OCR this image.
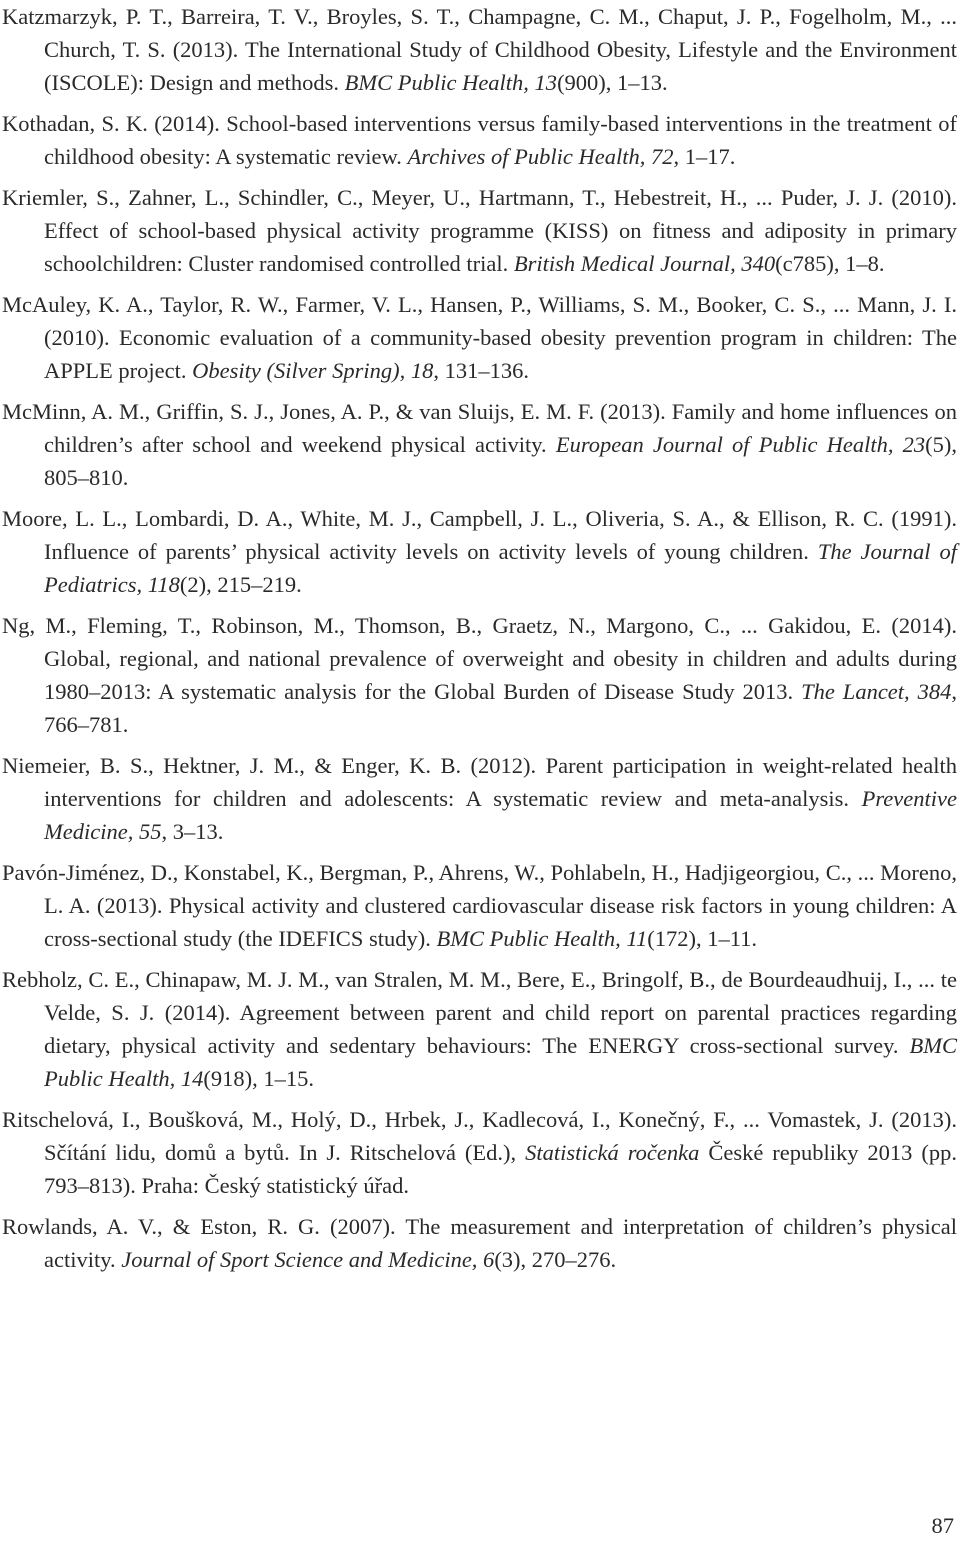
Katzmarzyk, P. T., Barreira, T. V., Broyles, S. T., Champagne, C. M., Chaput, J. P., Fogelholm, M., ... Church, T. S. (2013). The International Study of Childhood Obesity, Lifestyle and the Environment (ISCOLE): Design and methods. BMC Public Health, 13(900), 1–13.

Kothadan, S. K. (2014). School-based interventions versus family-based interventions in the treatment of childhood obesity: A systematic review. Archives of Public Health, 72, 1–17.

Kriemler, S., Zahner, L., Schindler, C., Meyer, U., Hartmann, T., Hebestreit, H., ... Puder, J. J. (2010). Effect of school-based physical activity programme (KISS) on fitness and adiposity in primary schoolchildren: Cluster randomised controlled trial. British Medical Journal, 340(c785), 1–8.

McAuley, K. A., Taylor, R. W., Farmer, V. L., Hansen, P., Williams, S. M., Booker, C. S., ... Mann, J. I. (2010). Economic evaluation of a community-based obesity prevention program in children: The APPLE project. Obesity (Silver Spring), 18, 131–136.

McMinn, A. M., Griffin, S. J., Jones, A. P., & van Sluijs, E. M. F. (2013). Family and home influences on children’s after school and weekend physical activity. European Journal of Public Health, 23(5), 805–810.

Moore, L. L., Lombardi, D. A., White, M. J., Campbell, J. L., Oliveria, S. A., & Ellison, R. C. (1991). Influence of parents’ physical activity levels on activity levels of young children. The Journal of Pediatrics, 118(2), 215–219.

Ng, M., Fleming, T., Robinson, M., Thomson, B., Graetz, N., Margono, C., ... Gakidou, E. (2014). Global, regional, and national prevalence of overweight and obesity in children and adults during 1980–2013: A systematic analysis for the Global Burden of Disease Study 2013. The Lancet, 384, 766–781.

Niemeier, B. S., Hektner, J. M., & Enger, K. B. (2012). Parent participation in weight-related health interventions for children and adolescents: A systematic review and meta-analysis. Preventive Medicine, 55, 3–13.

Pavón-Jiménez, D., Konstabel, K., Bergman, P., Ahrens, W., Pohlabeln, H., Hadjigeorgiou, C., ... Moreno, L. A. (2013). Physical activity and clustered cardiovascular disease risk factors in young children: A cross-sectional study (the IDEFICS study). BMC Public Health, 11(172), 1–11.

Rebholz, C. E., Chinapaw, M. J. M., van Stralen, M. M., Bere, E., Bringolf, B., de Bourdeaudhuij, I., ... te Velde, S. J. (2014). Agreement between parent and child report on parental practices regarding dietary, physical activity and sedentary behaviours: The ENERGY cross-sectional survey. BMC Public Health, 14(918), 1–15.

Ritschelová, I., Boušková, M., Holý, D., Hrbek, J., Kadlecová, I., Konečný, F., ... Vomastek, J. (2013). Sčítání lidu, domů a bytů. In J. Ritschelová (Ed.), Statistická ročenka České republiky 2013 (pp. 793–813). Praha: Český statistický úřad.

Rowlands, A. V., & Eston, R. G. (2007). The measurement and interpretation of children’s physical activity. Journal of Sport Science and Medicine, 6(3), 270–276.

87
